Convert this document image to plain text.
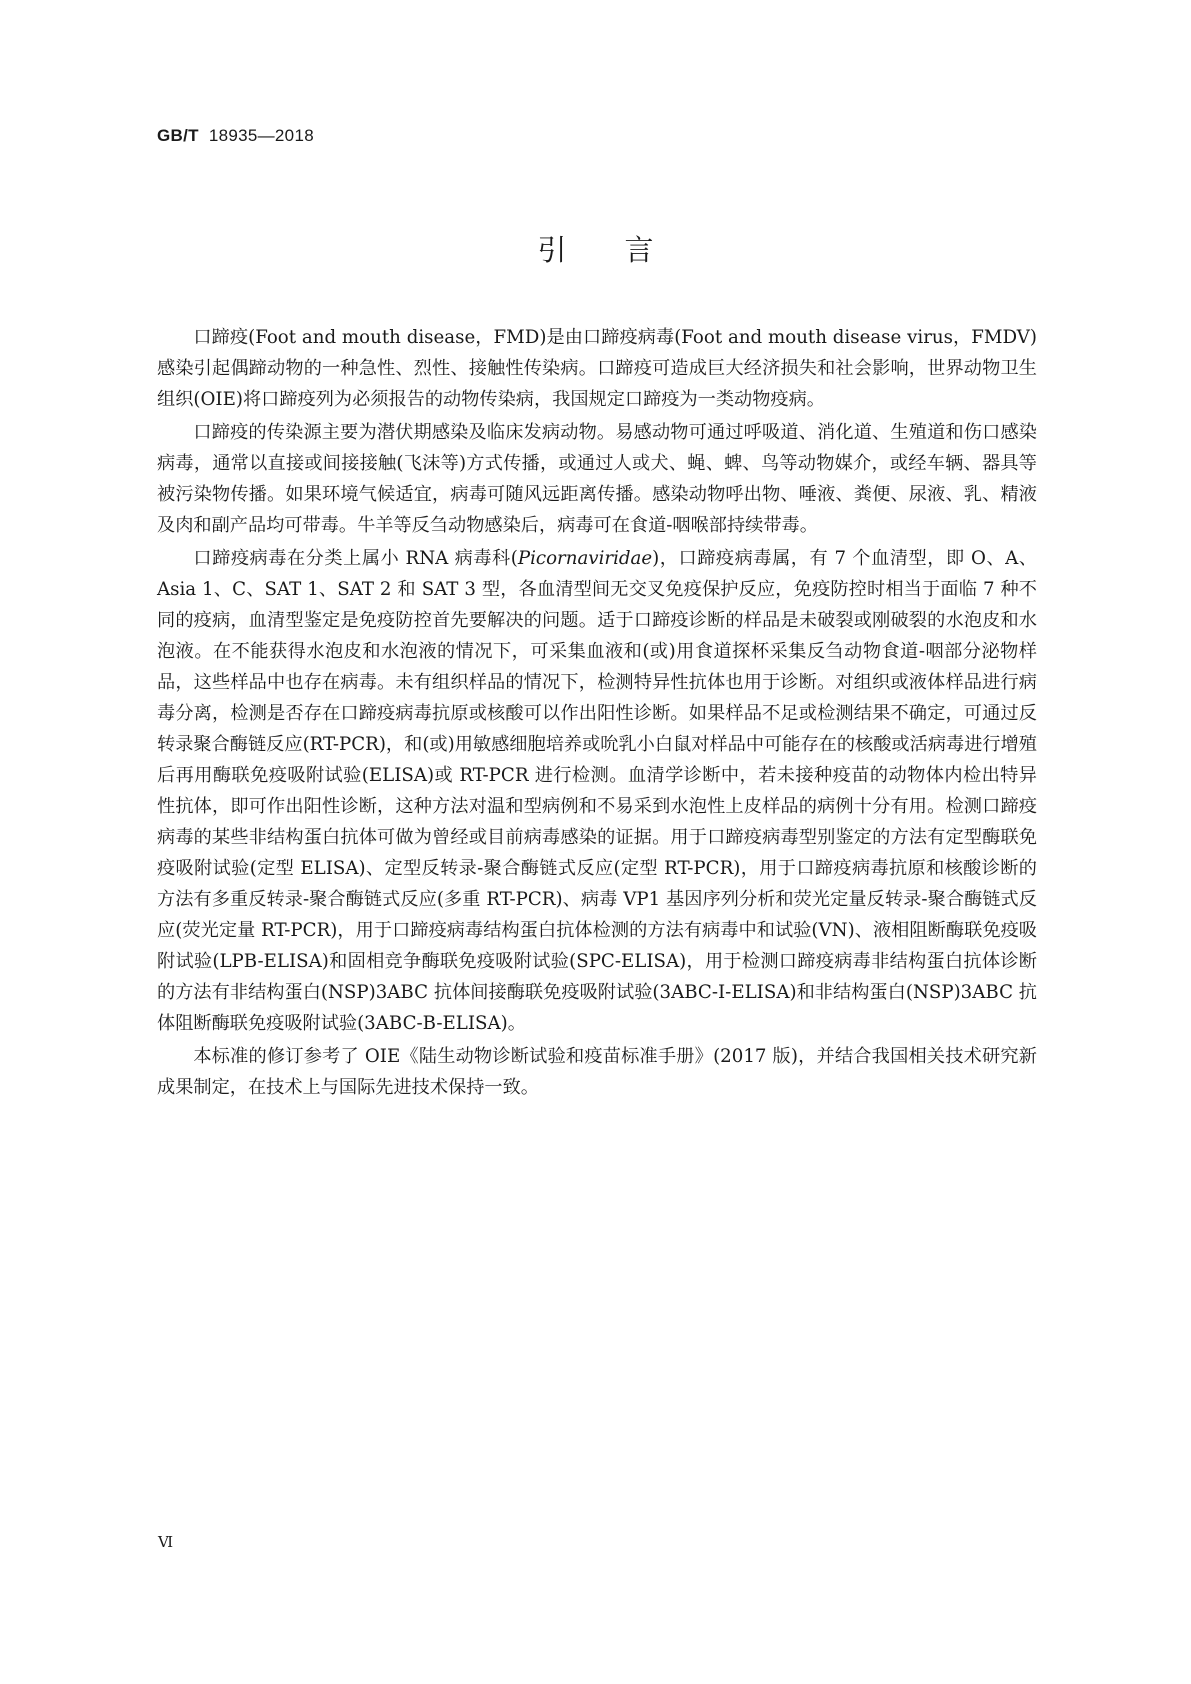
GB/T 18935—2018
引言

口蹄疫(Foot and mouth disease，FMD)是由口蹄疫病毒(Foot and mouth disease virus，FMDV)感染引起偶蹄动物的一种急性、烈性、接触性传染病。口蹄疫可造成巨大经济损失和社会影响，世界动物卫生组织(OIE)将口蹄疫列为必须报告的动物传染病，我国规定口蹄疫为一类动物疫病。

口蹄疫的传染源主要为潜伏期感染及临床发病动物。易感动物可通过呼吸道、消化道、生殖道和伤口感染病毒，通常以直接或间接接触(飞沫等)方式传播，或通过人或犬、蝇、蜱、鸟等动物媒介，或经车辆、器具等被污染物传播。如果环境气候适宜，病毒可随风远距离传播。感染动物呼出物、唾液、粪便、尿液、乳、精液及肉和副产品均可带毒。牛羊等反刍动物感染后，病毒可在食道-咽喉部持续带毒。

口蹄疫病毒在分类上属小 RNA 病毒科(Picornaviridae)，口蹄疫病毒属，有 7 个血清型，即 O、A、Asia 1、C、SAT 1、SAT 2 和 SAT 3 型，各血清型间无交叉免疫保护反应，免疫防控时相当于面临 7 种不同的疫病，血清型鉴定是免疫防控首先要解决的问题。适于口蹄疫诊断的样品是未破裂或刚破裂的水泡皮和水泡液。在不能获得水泡皮和水泡液的情况下，可采集血液和(或)用食道探杯采集反刍动物食道-咽部分泌物样品，这些样品中也存在病毒。未有组织样品的情况下，检测特异性抗体也用于诊断。对组织或液体样品进行病毒分离，检测是否存在口蹄疫病毒抗原或核酸可以作出阳性诊断。如果样品不足或检测结果不确定，可通过反转录聚合酶链反应(RT-PCR)，和(或)用敏感细胞培养或吮乳小白鼠对样品中可能存在的核酸或活病毒进行增殖后再用酶联免疫吸附试验(ELISA)或 RT-PCR 进行检测。血清学诊断中，若未接种疫苗的动物体内检出特异性抗体，即可作出阳性诊断，这种方法对温和型病例和不易采到水泡性上皮样品的病例十分有用。检测口蹄疫病毒的某些非结构蛋白抗体可做为曾经或目前病毒感染的证据。用于口蹄疫病毒型别鉴定的方法有定型酶联免疫吸附试验(定型 ELISA)、定型反转录-聚合酶链式反应(定型 RT-PCR)，用于口蹄疫病毒抗原和核酸诊断的方法有多重反转录-聚合酶链式反应(多重 RT-PCR)、病毒 VP1 基因序列分析和荧光定量反转录-聚合酶链式反应(荧光定量 RT-PCR)，用于口蹄疫病毒结构蛋白抗体检测的方法有病毒中和试验(VN)、液相阻断酶联免疫吸附试验(LPB-ELISA)和固相竞争酶联免疫吸附试验(SPC-ELISA)，用于检测口蹄疫病毒非结构蛋白抗体诊断的方法有非结构蛋白(NSP)3ABC 抗体间接酶联免疫吸附试验(3ABC-I-ELISA)和非结构蛋白(NSP)3ABC 抗体阻断酶联免疫吸附试验(3ABC-B-ELISA)。

本标准的修订参考了 OIE《陆生动物诊断试验和疫苗标准手册》(2017 版)，并结合我国相关技术研究新成果制定，在技术上与国际先进技术保持一致。

Ⅵ
